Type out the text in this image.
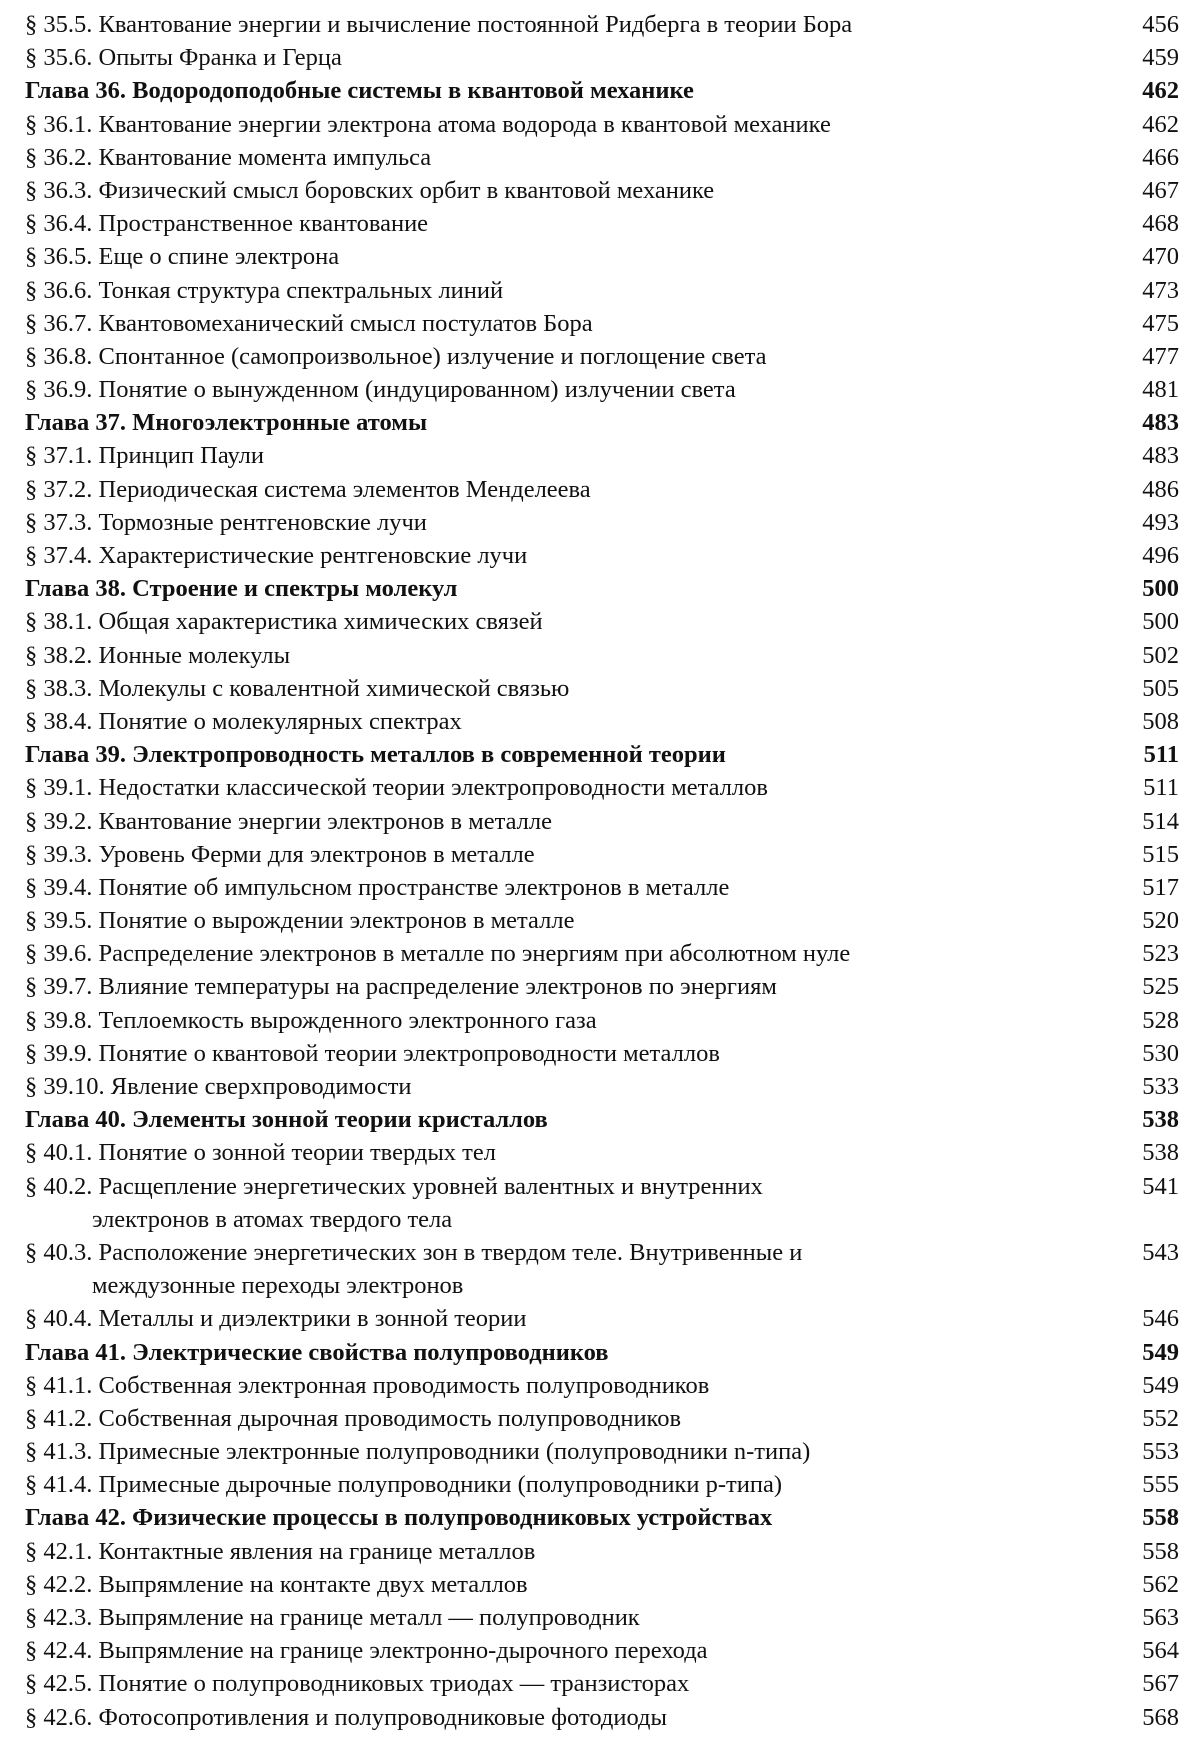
§ 35.5. Квантование энергии и вычисление постоянной Ридберга в теории Бора	456
§ 35.6. Опыты Франка и Герца	459
Глава 36. Водородоподобные системы в квантовой механике	462
§ 36.1. Квантование энергии электрона атома водорода в квантовой механике	462
§ 36.2. Квантование момента импульса	466
§ 36.3. Физический смысл боровских орбит в квантовой механике	467
§ 36.4. Пространственное квантование	468
§ 36.5. Еще о спине электрона	470
§ 36.6. Тонкая структура спектральных линий	473
§ 36.7. Квантовомеханический смысл постулатов Бора	475
§ 36.8. Спонтанное (самопроизвольное) излучение и поглощение света	477
§ 36.9. Понятие о вынужденном (индуцированном) излучении света	481
Глава 37. Многоэлектронные атомы	483
§ 37.1. Принцип Паули	483
§ 37.2. Периодическая система элементов Менделеева	486
§ 37.3. Тормозные рентгеновские лучи	493
§ 37.4. Характеристические рентгеновские лучи	496
Глава 38. Строение и спектры молекул	500
§ 38.1. Общая характеристика химических связей	500
§ 38.2. Ионные молекулы	502
§ 38.3. Молекулы с ковалентной химической связью	505
§ 38.4. Понятие о молекулярных спектрах	508
Глава 39. Электропроводность металлов в современной теории	511
§ 39.1. Недостатки классической теории электропроводности металлов	511
§ 39.2. Квантование энергии электронов в металле	514
§ 39.3. Уровень Ферми для электронов в металле	515
§ 39.4. Понятие об импульсном пространстве электронов в металле	517
§ 39.5. Понятие о вырождении электронов в металле	520
§ 39.6. Распределение электронов в металле по энергиям при абсолютном нуле	523
§ 39.7. Влияние температуры на распределение электронов по энергиям	525
§ 39.8. Теплоемкость вырожденного электронного газа	528
§ 39.9. Понятие о квантовой теории электропроводности металлов	530
§ 39.10. Явление сверхпроводимости	533
Глава 40. Элементы зонной теории кристаллов	538
§ 40.1. Понятие о зонной теории твердых тел	538
§ 40.2. Расщепление энергетических уровней валентных и внутренних	541
электронов в атомах твердого тела
§ 40.3. Расположение энергетических зон в твердом теле. Внутривенные и	543
междузонные переходы электронов
§ 40.4. Металлы и диэлектрики в зонной теории	546
Глава 41. Электрические свойства полупроводников	549
§ 41.1. Собственная электронная проводимость полупроводников	549
§ 41.2. Собственная дырочная проводимость полупроводников	552
§ 41.3. Примесные электронные полупроводники (полупроводники n-типа)	553
§ 41.4. Примесные дырочные полупроводники (полупроводники p-типа)	555
Глава 42. Физические процессы в полупроводниковых устройствах	558
§ 42.1. Контактные явления на границе металлов	558
§ 42.2. Выпрямление на контакте двух металлов	562
§ 42.3. Выпрямление на границе металл — полупроводник	563
§ 42.4. Выпрямление на границе электронно-дырочного перехода	564
§ 42.5. Понятие о полупроводниковых триодах — транзисторах	567
§ 42.6. Фотосопротивления и полупроводниковые фотодиоды	568
